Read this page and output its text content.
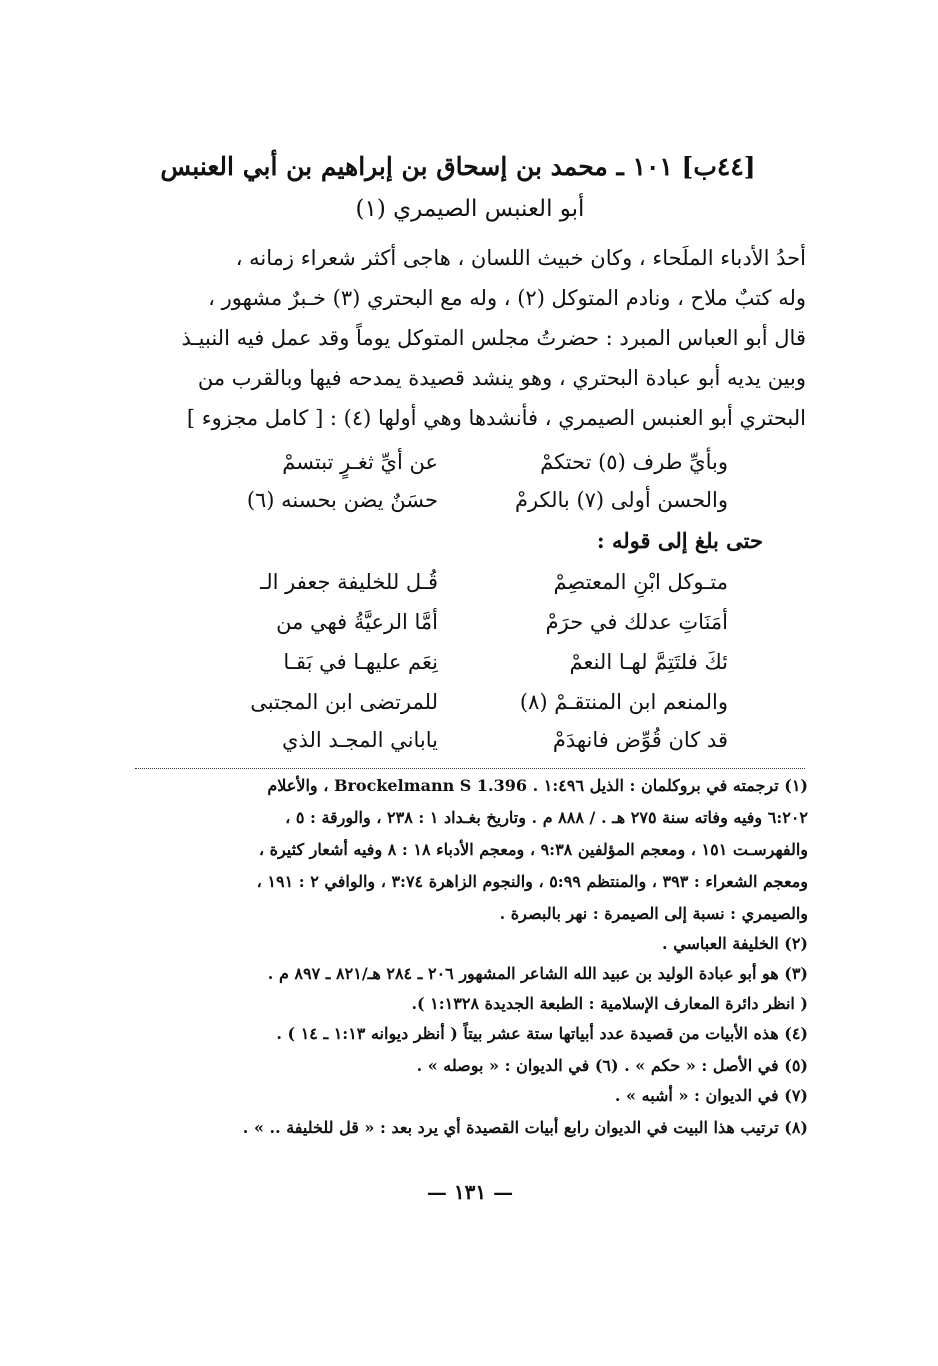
[٤٤ب] ١٠١ ـ محمد بن إسحاق بن إبراهيم بن أبي العنبس
أبو العنبس الصيمري (١)
أحدُ الأدباء الملَحاء ، وكان خبيث اللسان ، هاجى أكثر شعراء زمانه ،
وله كتبٌ ملاح ، ونادم المتوكل (٢) ، وله مع البحتري (٣) خـبرٌ مشهور ،
قال أبو العباس المبرد : حضرتُ مجلس المتوكل يوماً وقد عمل فيه النبيـذ
وبين يديه أبو عبادة البحتري ، وهو ينشد قصيدة يمدحه فيها وبالقرب من
البحتري أبو العنبس الصيمري ، فأنشدها وهي أولها (٤) : [ كامل مجزوء ]
عن أيِّ ثغـرٍ تبتسمْ	وبأيِّ طرف (٥) تحتكمْ
حسَنٌ يضن بحسنه (٦)	والحسن أولى (٧) بالكرمْ
حتى بلغ إلى قوله :
قُـل للخليفة جعفر الـ	متـوكل ابْنِ المعتصِمْ
أمَّا الرعيَّةُ فهي من	أمَنَاتِ عدلك في حرَمْ
نِعَم عليهـا في بَقـا	ئكَ فلتَتِمَّ لهـا النعمْ
للمرتضى ابن المجتبى	والمنعم ابن المنتقـمْ (٨)
ياباني المجـد الذي	قد كان قُوِّض فانهدَمْ
(١) ترجمته في بروكلمان : الذيل ١:٤٩٦ . Brockelmann S 1.396 ، والأعلام
٦:٢٠٢ وفيه وفاته سنة ٢٧٥ هـ . / ٨٨٨ م . وتاريخ بغـداد ١ : ٢٣٨ ، والورقة : ٥ ،
والفهرسـت ١٥١ ، ومعجم المؤلفين ٩:٣٨ ، ومعجم الأدباء ١٨ : ٨ وفيه أشعار كثيرة ،
ومعجم الشعراء : ٣٩٣ ، والمنتظم ٥:٩٩ ، والنجوم الزاهرة ٣:٧٤ ، والوافي ٢ : ١٩١ ،
والصيمري : نسبة إلى الصيمرة : نهر بالبصرة .
(٢) الخليفة العباسي .
(٣) هو أبو عبادة الوليد بن عبيد الله الشاعر المشهور ٢٠٦ ـ ٢٨٤ هـ/٨٢١ ـ ٨٩٧ م .
( انظر دائرة المعارف الإسلامية : الطبعة الجديدة ١:١٣٢٨ ).
(٤) هذه الأبيات من قصيدة عدد أبياتها ستة عشر بيتاً ( أنظر ديوانه ١:١٣ ـ ١٤ ) .
(٥) في الأصل : « حكم » . (٦) في الديوان : « بوصله » .
(٧) في الديوان : « أشبه » .
(٨) ترتيب هذا البيت في الديوان رابع أبيات القصيدة أي يرد بعد : « قل للخليفة .. » .
— ١٣١ —
